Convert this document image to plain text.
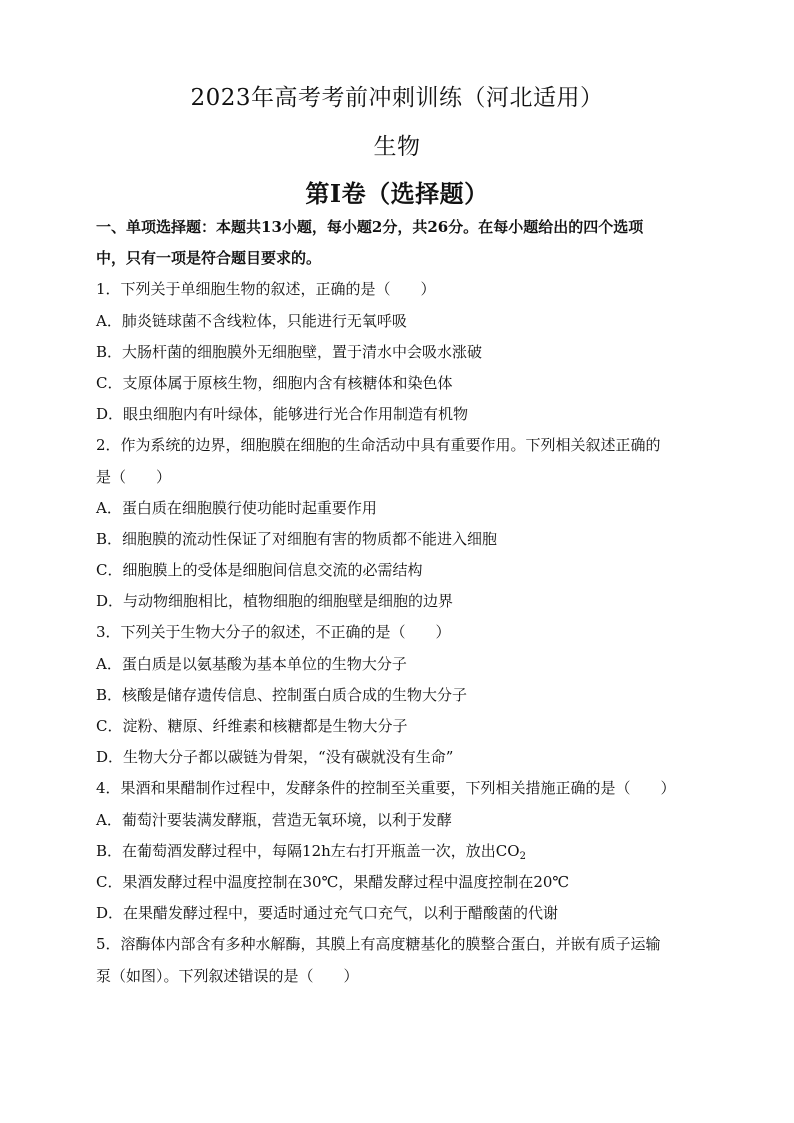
2023年高考考前冲刺训练（河北适用）
生物
第Ⅰ卷（选择题）
一、单项选择题：本题共13小题，每小题2分，共26分。在每小题给出的四个选项
中，只有一项是符合题目要求的。
1．下列关于单细胞生物的叙述，正确的是（　　）
A．肺炎链球菌不含线粒体，只能进行无氧呼吸
B．大肠杆菌的细胞膜外无细胞壁，置于清水中会吸水涨破
C．支原体属于原核生物，细胞内含有核糖体和染色体
D．眼虫细胞内有叶绿体，能够进行光合作用制造有机物
2．作为系统的边界，细胞膜在细胞的生命活动中具有重要作用。下列相关叙述正确的
是（　　）
A．蛋白质在细胞膜行使功能时起重要作用
B．细胞膜的流动性保证了对细胞有害的物质都不能进入细胞
C．细胞膜上的受体是细胞间信息交流的必需结构
D．与动物细胞相比，植物细胞的细胞壁是细胞的边界
3．下列关于生物大分子的叙述，不正确的是（　　）
A．蛋白质是以氨基酸为基本单位的生物大分子
B．核酸是储存遗传信息、控制蛋白质合成的生物大分子
C．淀粉、糖原、纤维素和核糖都是生物大分子
D．生物大分子都以碳链为骨架，“没有碳就没有生命”
4．果酒和果醋制作过程中，发酵条件的控制至关重要，下列相关措施正确的是（　　）
A．葡萄汁要装满发酵瓶，营造无氧环境，以利于发酵
B．在葡萄酒发酵过程中，每隔12h左右打开瓶盖一次，放出$CO_2$
C．果酒发酵过程中温度控制在30℃，果醋发酵过程中温度控制在20℃
D．在果醋发酵过程中，要适时通过充气口充气，以利于醋酸菌的代谢
5．溶酶体内部含有多种水解酶，其膜上有高度糖基化的膜整合蛋白，并嵌有质子运输
泵（如图）。下列叙述错误的是（　　）
